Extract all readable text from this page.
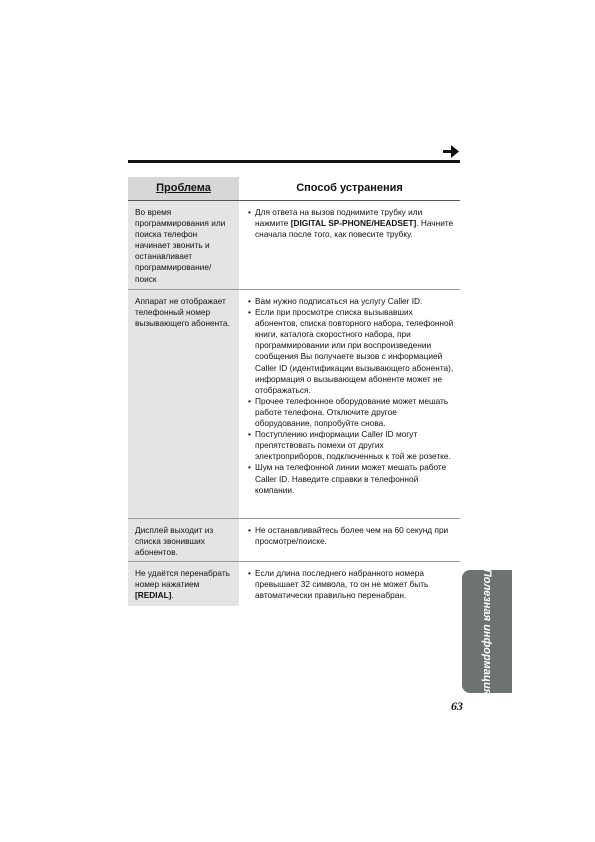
Проблема	Способ устранения
Во время программирования или поиска телефон начинает звонить и останавливает программирование/ поиск
• Для ответа на вызов поднимите трубку или нажмите [DIGITAL SP-PHONE/HEADSET]. Начните сначала после того, как повесите трубку.
Аппарат не отображает телефонный номер вызывающего абонента.
• Вам нужно подписаться на услугу Caller ID.
• Если при просмотре списка вызывавших абонентов, списка повторного набора, телефонной книги, каталога скоростного набора, при программировании или при воспроизведении сообщения Вы получаете вызов с информацией Caller ID (идентификации вызывающего абонента), информация о вызывающем абоненте может не отображаться.
• Прочее телефонное оборудование может мешать работе телефона. Отключите другое оборудование, попробуйте снова.
• Поступлению информации Caller ID могут препятствовать помехи от других электроприборов, подключенных к той же розетке.
• Шум на телефонной линии может мешать работе Caller ID. Наведите справки в телефонной компании.
Дисплей выходит из списка звонивших абонентов.
• Не останавливайтесь более чем на 60 секунд при просмотре/поиске.
Не удаётся перенабрать номер нажатием [REDIAL].
• Если длина последнего набранного номера превышает 32 символа, то он не может быть автоматически правильно перенабран.	Полезная информация
63
